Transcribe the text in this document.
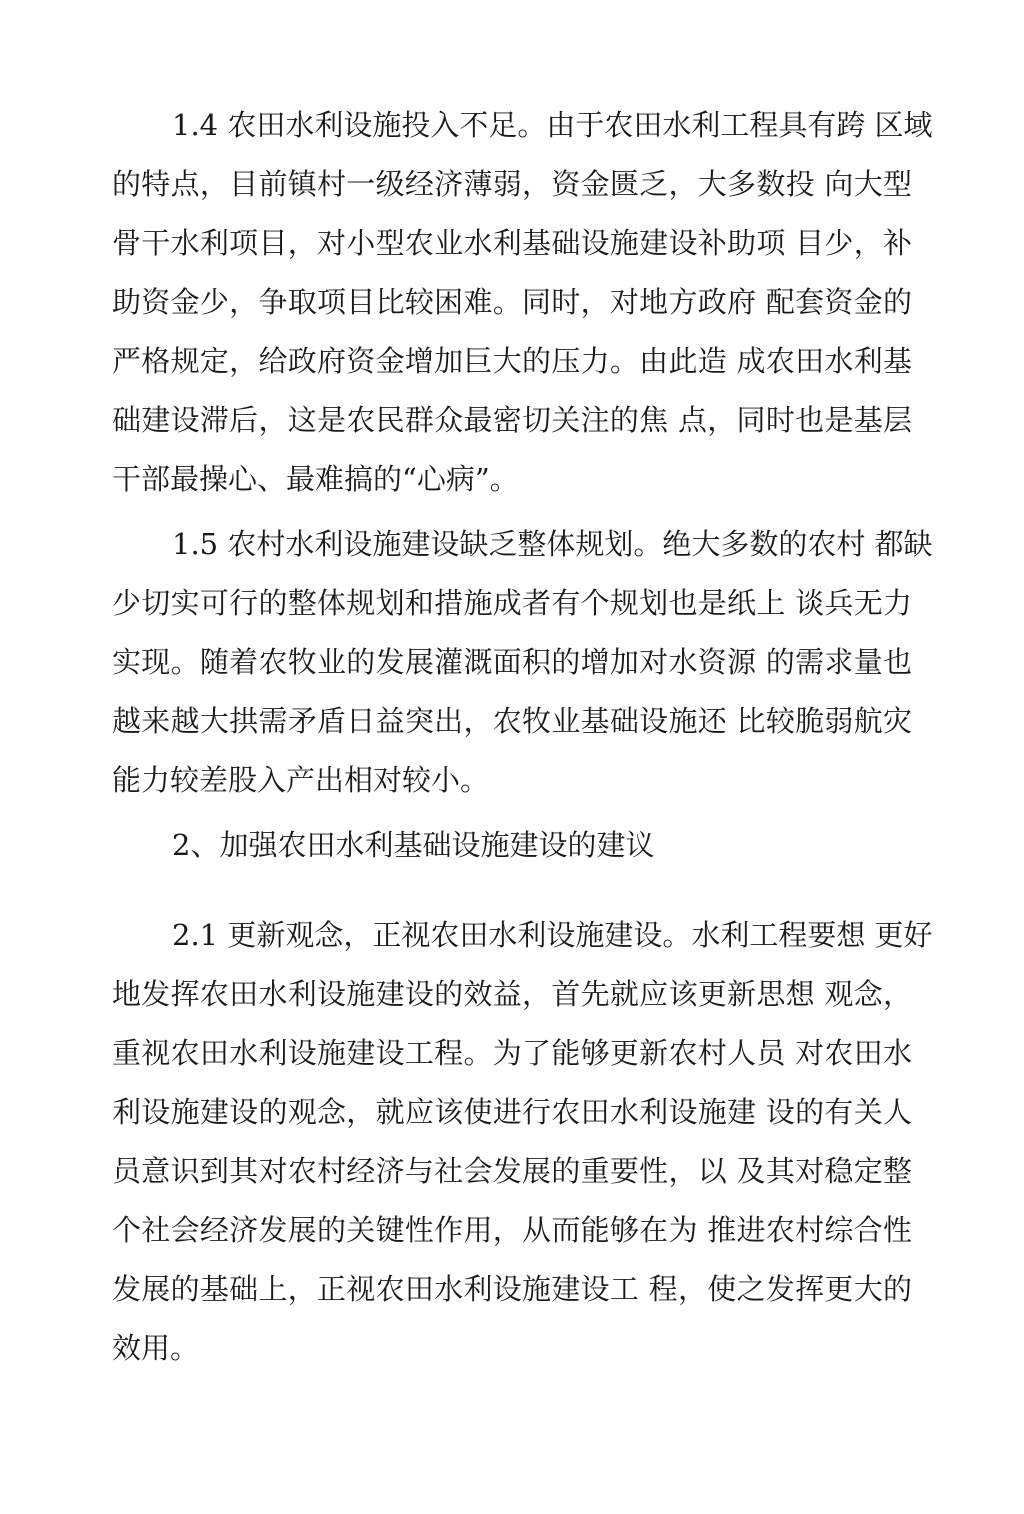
1.4 农田水利设施投入不足。由于农田水利工程具有跨 区域
的特点，目前镇村一级经济薄弱，资金匮乏，大多数投 向大型
骨干水利项目，对小型农业水利基础设施建设补助项 目少，补
助资金少，争取项目比较困难。同时，对地方政府 配套资金的
严格规定，给政府资金增加巨大的压力。由此造 成农田水利基
础建设滞后，这是农民群众最密切关注的焦 点，同时也是基层
干部最操心、最难搞的“心病”。
1.5 农村水利设施建设缺乏整体规划。绝大多数的农村 都缺
少切实可行的整体规划和措施成者有个规划也是纸上 谈兵无力
实现。随着农牧业的发展灌溉面积的增加对水资源 的需求量也
越来越大拱需矛盾日益突出，农牧业基础设施还 比较脆弱航灾
能力较差股入产出相对较小。
2、加强农田水利基础设施建设的建议
2.1 更新观念，正视农田水利设施建设。水利工程要想 更好
地发挥农田水利设施建设的效益，首先就应该更新思想 观念，
重视农田水利设施建设工程。为了能够更新农村人员 对农田水
利设施建设的观念，就应该使进行农田水利设施建 设的有关人
员意识到其对农村经济与社会发展的重要性，以 及其对稳定整
个社会经济发展的关键性作用，从而能够在为 推进农村综合性
发展的基础上，正视农田水利设施建设工 程，使之发挥更大的
效用。
